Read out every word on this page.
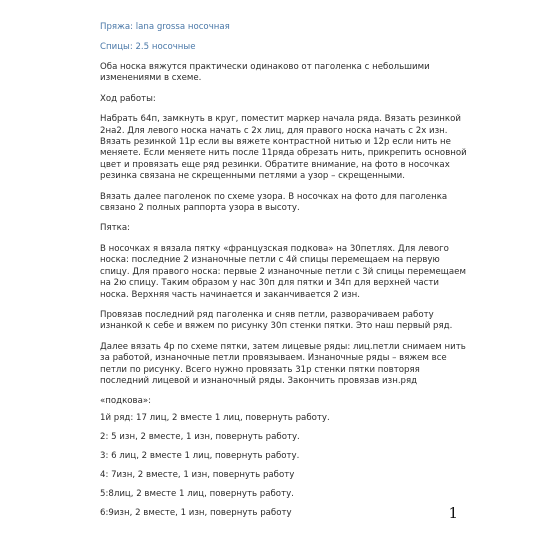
Пряжа: lana grossa носочная
Спицы: 2.5 носочные
Оба носка вяжутся практически одинаково от паголенка с небольшими
изменениями в схеме.
Ход работы:
Набрать 64п, замкнуть в круг, поместит маркер начала ряда. Вязать резинкой
2на2. Для левого носка начать с 2х лиц, для правого носка начать с 2х изн.
Вязать резинкой 11р если вы вяжете контрастной нитью и 12р если нить не
меняете. Если меняете нить после 11ряда обрезать нить, прикрепить основной
цвет и провязать еще ряд резинки. Обратите внимание, на фото в носочках
резинка связана не скрещенными петлями а узор – скрещенными.
Вязать далее паголенок по схеме узора. В носочках на фото для паголенка
связано 2 полных раппорта узора в высоту.
Пятка:
В носочках я вязала пятку «французская подкова» на 30петлях. Для левого
носка: последние 2 изнаночные петли с 4й спицы перемещаем на первую
спицу. Для правого носка: первые 2 изнаночные петли с 3й спицы перемещаем
на 2ю спицу. Таким образом у нас 30п для пятки и 34п для верхней части
носка. Верхняя часть начинается и заканчивается 2 изн.
Провязав последний ряд паголенка и сняв петли, разворачиваем работу
изнанкой к себе и вяжем по рисунку 30п стенки пятки. Это наш первый ряд.
Далее вязать 4р по схеме пятки, затем лицевые ряды: лиц.петли снимаем нить
за работой, изнаночные петли провязываем. Изнаночные ряды – вяжем все
петли по рисунку. Всего нужно провязать 31р стенки пятки повторяя
последний лицевой и изнаночный ряды. Закончить провязав изн.ряд
«подкова»:
1й ряд: 17 лиц, 2 вместе 1 лиц, повернуть работу.
2: 5 изн, 2 вместе, 1 изн, повернуть работу.
3: 6 лиц, 2 вместе 1 лиц, повернуть работу.
4: 7изн, 2 вместе, 1 изн, повернуть работу
5:8лиц, 2 вместе 1 лиц, повернуть работу.
6:9изн, 2 вместе, 1 изн, повернуть работу	1
